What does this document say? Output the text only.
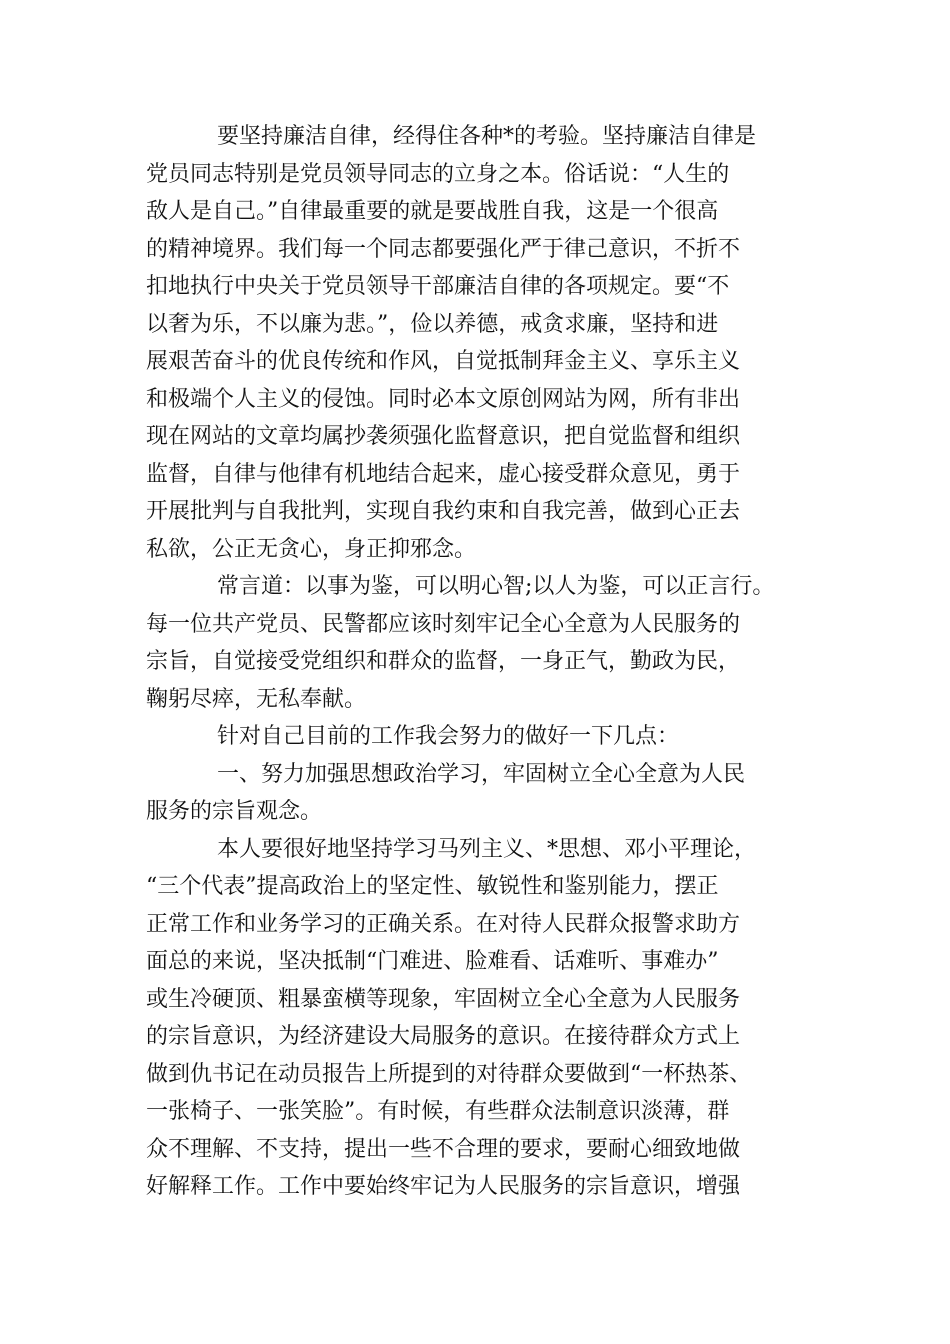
要坚持廉洁自律，经得住各种*的考验。坚持廉洁自律是
党员同志特别是党员领导同志的立身之本。俗话说：“人生的
敌人是自己。”自律最重要的就是要战胜自我，这是一个很高
的精神境界。我们每一个同志都要强化严于律己意识，不折不
扣地执行中央关于党员领导干部廉洁自律的各项规定。要“不
以奢为乐，不以廉为悲。”，俭以养德，戒贪求廉，坚持和进
展艰苦奋斗的优良传统和作风，自觉抵制拜金主义、享乐主义
和极端个人主义的侵蚀。同时必本文原创网站为网，所有非出
现在网站的文章均属抄袭须强化监督意识，把自觉监督和组织
监督，自律与他律有机地结合起来，虚心接受群众意见，勇于
开展批判与自我批判，实现自我约束和自我完善，做到心正去
私欲，公正无贪心，身正抑邪念。
常言道：以事为鉴，可以明心智;以人为鉴，可以正言行。
每一位共产党员、民警都应该时刻牢记全心全意为人民服务的
宗旨，自觉接受党组织和群众的监督，一身正气，勤政为民，
鞠躬尽瘁，无私奉献。
针对自己目前的工作我会努力的做好一下几点：
一、努力加强思想政治学习，牢固树立全心全意为人民
服务的宗旨观念。
本人要很好地坚持学习马列主义、*思想、邓小平理论，
“三个代表”提高政治上的坚定性、敏锐性和鉴别能力，摆正
正常工作和业务学习的正确关系。在对待人民群众报警求助方
面总的来说，坚决抵制“门难进、脸难看、话难听、事难办”
或生冷硬顶、粗暴蛮横等现象，牢固树立全心全意为人民服务
的宗旨意识，为经济建设大局服务的意识。在接待群众方式上
做到仇书记在动员报告上所提到的对待群众要做到“一杯热茶、
一张椅子、一张笑脸”。有时候，有些群众法制意识淡薄，群
众不理解、不支持，提出一些不合理的要求，要耐心细致地做
好解释工作。工作中要始终牢记为人民服务的宗旨意识，增强
